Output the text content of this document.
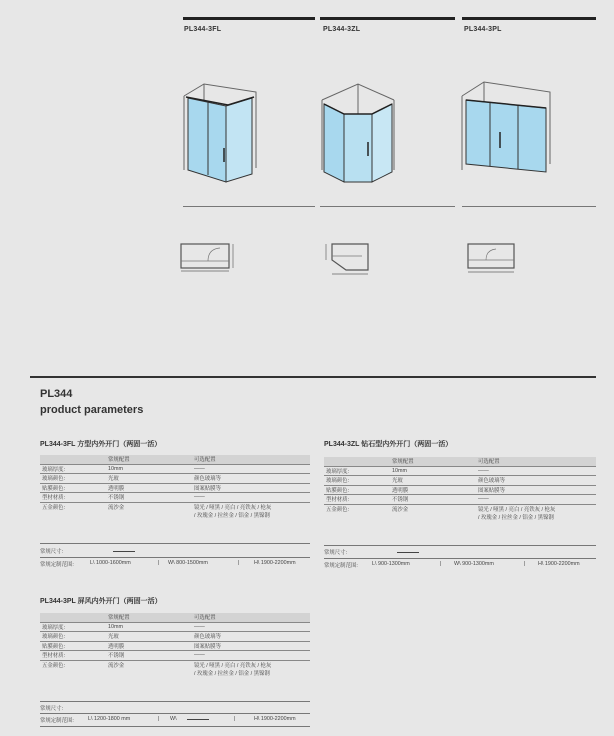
PL344-3FL	PL344-3ZL	PL344-3PL
PL344
product parameters
PL344-3FL 方型内外开门（两固一活）
	常规配置	可选配置
玻璃厚度:	10mm	——
玻璃颜色:	光玻	颜色玻璃等
贴膜颜色:	透明膜	图案贴膜等
型材材质:	不锈钢	——
五金颜色:	流沙金	镜光 / 哑黑 / 亮白 / 亮铁灰 / 枪灰
		/ 玫瑰金 / 拉丝金 / 铝金 / 黑镍钢
常规尺寸:
常规定制范围:	L\ 1000-1600mm	| W\ 800-1500mm	|	H\ 1900-2200mm
PL344-3ZL 钻石型内外开门（两固一活）
	常规配置	可选配置
玻璃厚度:	10mm	——
玻璃颜色:	光玻	颜色玻璃等
贴膜颜色:	透明膜	图案贴膜等
型材材质:	不锈钢	——
五金颜色:	流沙金	镜光 / 哑黑 / 亮白 / 亮铁灰 / 枪灰
		/ 玫瑰金 / 拉丝金 / 铝金 / 黑镍钢
常规尺寸:
常规定制范围:	L\ 900-1300mm	| W\ 900-1300mm	| H\ 1900-2200mm
PL344-3PL 屏风内外开门（两固一活）
	常规配置	可选配置
玻璃厚度:	10mm	——
玻璃颜色:	光玻	颜色玻璃等
贴膜颜色:	透明膜	图案贴膜等
型材材质:	不锈钢	——
五金颜色:	流沙金	镜光 / 哑黑 / 亮白 / 亮铁灰 / 枪灰
		/ 玫瑰金 / 拉丝金 / 铝金 / 黑镍钢
常规尺寸:
常规定制范围:	L\ 1200-1800 mm	| W\	|	H\ 1900-2200mm
